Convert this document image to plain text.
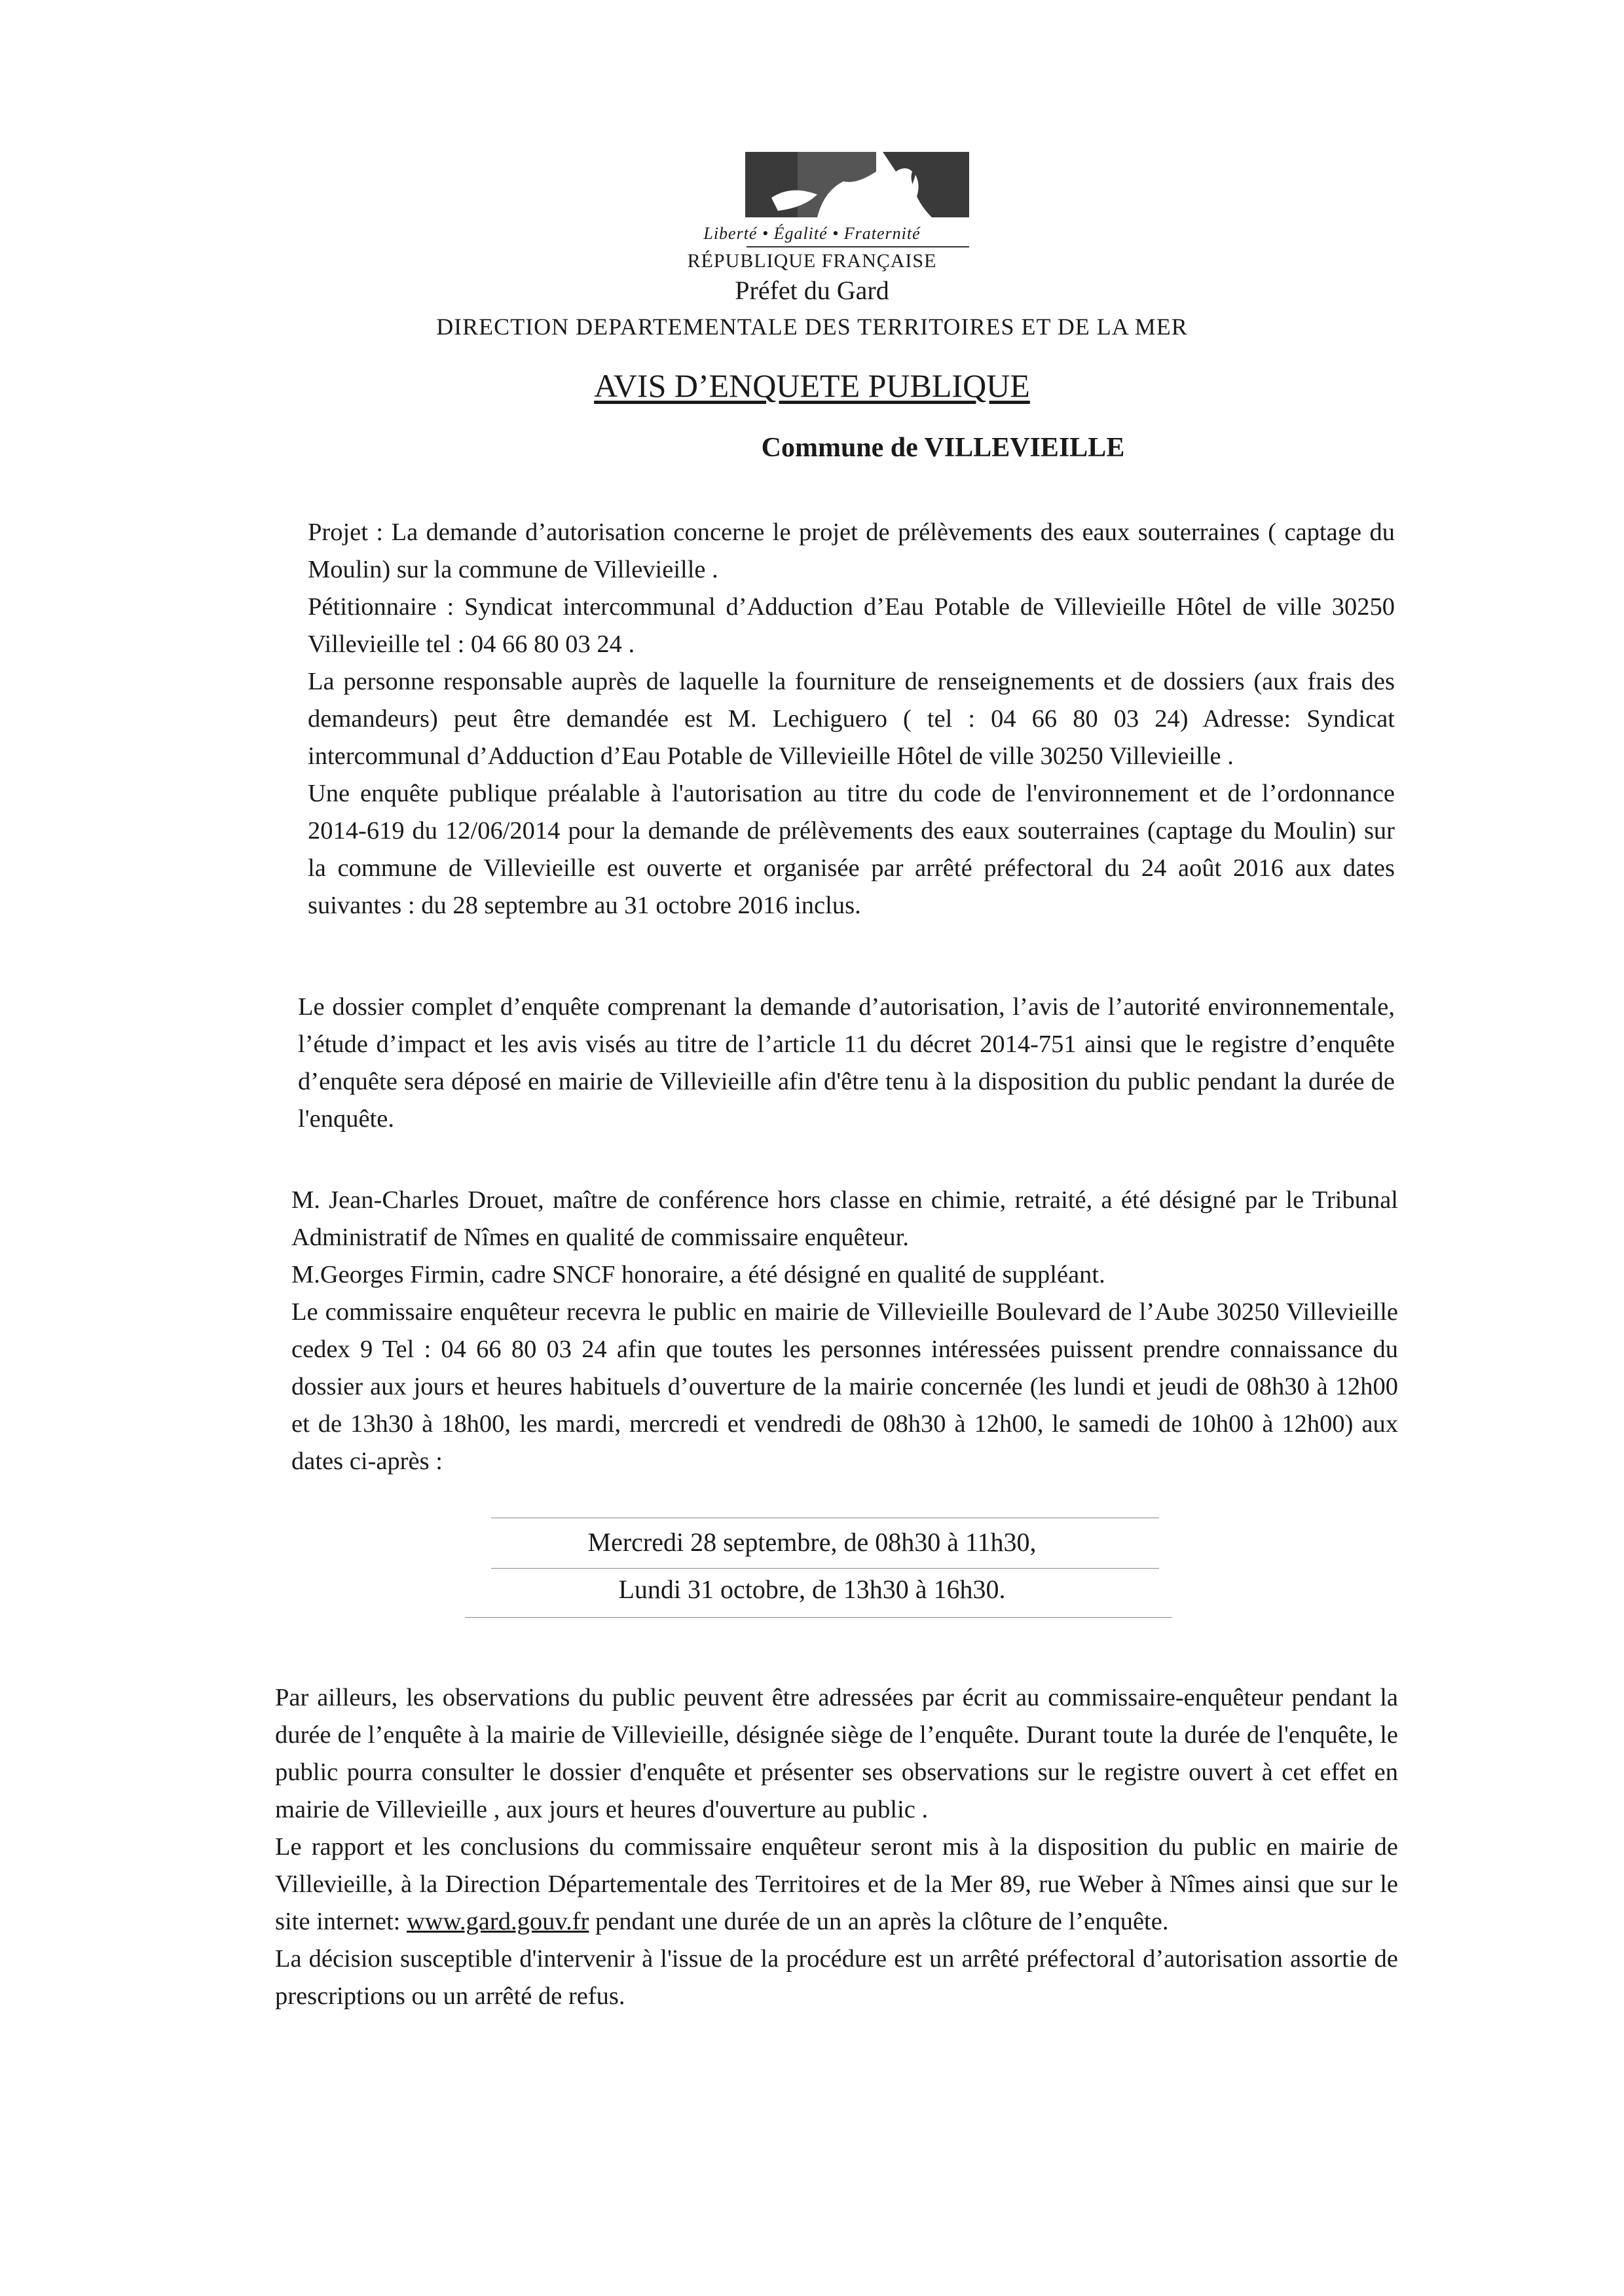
Liberté • Égalité • Fraternité
RÉPUBLIQUE FRANÇAISE
Préfet du Gard
DIRECTION DEPARTEMENTALE DES TERRITOIRES ET DE LA MER
AVIS D’ENQUETE PUBLIQUE
Commune de VILLEVIEILLE

Projet : La demande d’autorisation concerne le projet de prélèvements des eaux souterraines ( captage du Moulin) sur la commune de Villevieille .

Pétitionnaire : Syndicat intercommunal d’Adduction d’Eau Potable de Villevieille Hôtel de ville 30250 Villevieille tel : 04 66 80 03 24 .

La personne responsable auprès de laquelle la fourniture de renseignements et de dossiers (aux frais des demandeurs) peut être demandée est M. Lechiguero ( tel : 04 66 80 03 24) Adresse: Syndicat intercommunal d’Adduction d’Eau Potable de Villevieille Hôtel de ville 30250 Villevieille .

Une enquête publique préalable à l'autorisation au titre du code de l'environnement et de l’ordonnance 2014-619 du 12/06/2014 pour la demande de prélèvements des eaux souterraines (captage du Moulin) sur la commune de Villevieille est ouverte et organisée par arrêté préfectoral du 24 août 2016 aux dates suivantes : du 28 septembre au 31 octobre 2016 inclus.

Le dossier complet d’enquête comprenant la demande d’autorisation, l’avis de l’autorité environnementale, l’étude d’impact et les avis visés au titre de l’article 11 du décret 2014-751 ainsi que le registre d’enquête d’enquête sera déposé en mairie de Villevieille afin d'être tenu à la disposition du public pendant la durée de l'enquête.

M. Jean-Charles Drouet, maître de conférence hors classe en chimie, retraité, a été désigné par le Tribunal Administratif de Nîmes en qualité de commissaire enquêteur.

M.Georges Firmin, cadre SNCF honoraire, a été désigné en qualité de suppléant.

Le commissaire enquêteur recevra le public en mairie de Villevieille Boulevard de l’Aube 30250 Villevieille cedex 9 Tel : 04 66 80 03 24 afin que toutes les personnes intéressées puissent prendre connaissance du dossier aux jours et heures habituels d’ouverture de la mairie concernée (les lundi et jeudi de 08h30 à 12h00 et de 13h30 à 18h00, les mardi, mercredi et vendredi de 08h30 à 12h00, le samedi de 10h00 à 12h00) aux dates ci-après :

Mercredi 28 septembre, de 08h30 à 11h30,
Lundi 31 octobre, de 13h30 à 16h30.

Par ailleurs, les observations du public peuvent être adressées par écrit au commissaire-enquêteur pendant la durée de l’enquête à la mairie de Villevieille, désignée siège de l’enquête. Durant toute la durée de l'enquête, le public pourra consulter le dossier d'enquête et présenter ses observations sur le registre ouvert à cet effet en mairie de Villevieille , aux jours et heures d'ouverture au public .

Le rapport et les conclusions du commissaire enquêteur seront mis à la disposition du public en mairie de Villevieille, à la Direction Départementale des Territoires et de la Mer 89, rue Weber à Nîmes ainsi que sur le site internet: www.gard.gouv.fr pendant une durée de un an après la clôture de l’enquête.

La décision susceptible d'intervenir à l'issue de la procédure est un arrêté préfectoral d’autorisation assortie de prescriptions ou un arrêté de refus.
